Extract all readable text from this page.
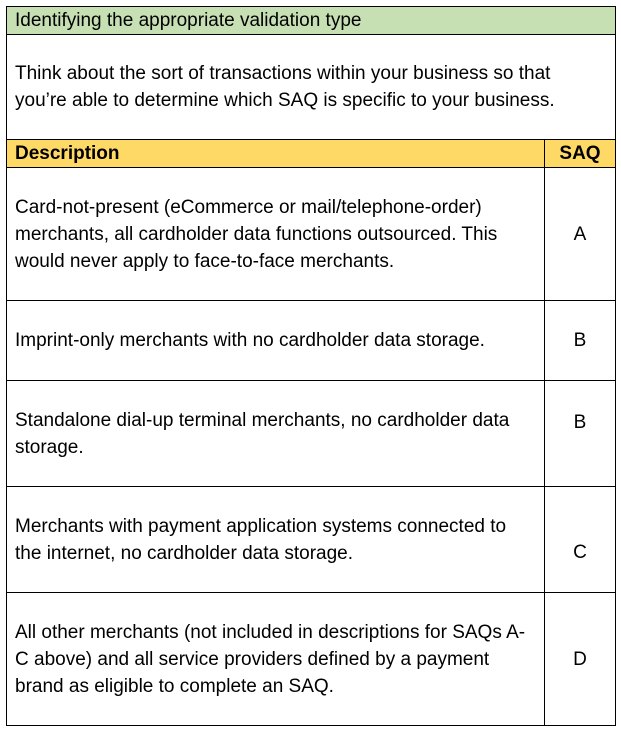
Identifying the appropriate validation type	
Think about the sort of transactions within your business so that you’re able to determine which SAQ is specific to your business.	
Description	SAQ
Card-not-present (eCommerce or mail/telephone-order) merchants, all cardholder data functions outsourced. This would never apply to face-to-face merchants.	A
Imprint-only merchants with no cardholder data storage.	B
Standalone dial-up terminal merchants, no cardholder data storage.	B
Merchants with payment application systems connected to the internet, no cardholder data storage.	C
All other merchants (not included in descriptions for SAQs A-C above) and all service providers defined by a payment brand as eligible to complete an SAQ.	D
